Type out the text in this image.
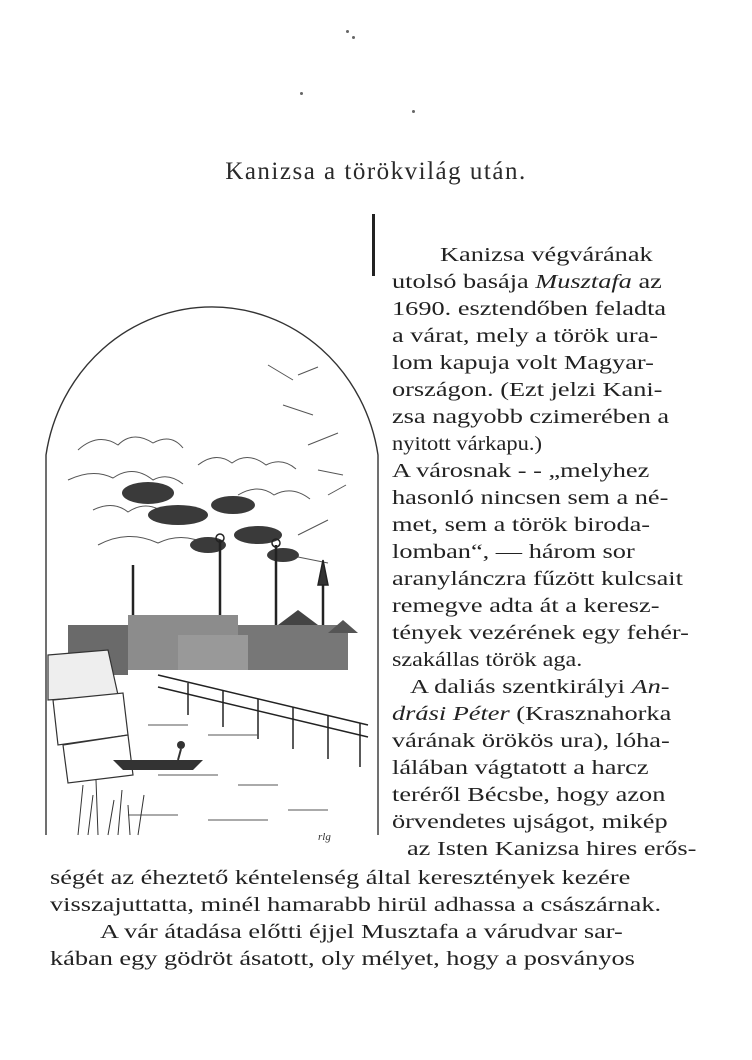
Kanizsa a törökvilág után.
rlg
Kanizsa végvárának
utolsó basája Musztafa az
1690. esztendőben feladta
a várat, mely a török ura-
lom kapuja volt Magyar-
országon. (Ezt jelzi Kani-
zsa nagyobb czimerében a
nyitott várkapu.)
A városnak - - „melyhez
hasonló nincsen sem a né-
met, sem a török biroda-
lomban“, — három sor
aranylánczra fűzött kulcsait
remegve adta át a keresz-
tények vezérének egy fehér-
szakállas török aga.
A daliás szentkirályi An-
drási Péter (Krasznahorka
várának örökös ura), lóha-
lálában vágtatott a harcz
teréről Bécsbe, hogy azon
örvendetes ujságot, mikép
az Isten Kanizsa hires erős-
ségét az éheztető kéntelenség által keresztények kezére
visszajuttatta, minél hamarabb hirül adhassa a császárnak.
A vár átadása előtti éjjel Musztafa a várudvar sar-
kában egy gödröt ásatott, oly mélyet, hogy a posványos
